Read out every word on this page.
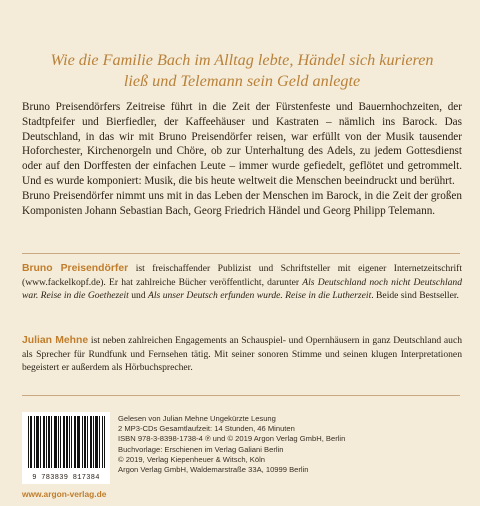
Wie die Familie Bach im Alltag lebte, Händel sich kurieren
ließ und Telemann sein Geld anlegte

Bruno Preisendörfers Zeitreise führt in die Zeit der Fürstenfeste und Bauernhochzeiten, der Stadtpfeifer und Bierfiedler, der Kaffeehäuser und Kastraten – nämlich ins Barock. Das Deutschland, in das wir mit Bruno Preisendörfer reisen, war erfüllt von der Musik tausender Hoforchester, Kirchenorgeln und Chöre, ob zur Unterhaltung des Adels, zu jedem Gottesdienst oder auf den Dorffesten der einfachen Leute – immer wurde gefiedelt, geflötet und getrommelt. Und es wurde komponiert: Musik, die bis heute weltweit die Menschen beeindruckt und berührt.

Bruno Preisendörfer nimmt uns mit in das Leben der Menschen im Barock, in die Zeit der großen Komponisten Johann Sebastian Bach, Georg Friedrich Händel und Georg Philipp Telemann.

Bruno Preisendörfer ist freischaffender Publizist und Schriftsteller mit eigener Internetzeitschrift (www.fackelkopf.de). Er hat zahlreiche Bücher veröffentlicht, darunter Als Deutschland noch nicht Deutschland war. Reise in die Goethezeit und Als unser Deutsch erfunden wurde. Reise in die Lutherzeit. Beide sind Bestseller.
Julian Mehne ist neben zahlreichen Engagements an Schauspiel- und Opernhäusern in ganz Deutschland auch als Sprecher für Rundfunk und Fernsehen tätig. Mit seiner sonoren Stimme und seinen klugen Interpretationen begeistert er außerdem als Hörbuchsprecher.
9 783839 817384
Gelesen von Julian Mehne Ungekürzte Lesung
2 MP3-CDs Gesamtlaufzeit: 14 Stunden, 46 Minuten
ISBN 978-3-8398-1738-4 ℗ und © 2019 Argon Verlag GmbH, Berlin
Buchvorlage: Erschienen im Verlag Galiani Berlin
© 2019, Verlag Kiepenheuer & Witsch, Köln
Argon Verlag GmbH, Waldemarstraße 33A, 10999 Berlin
www.argon-verlag.de
